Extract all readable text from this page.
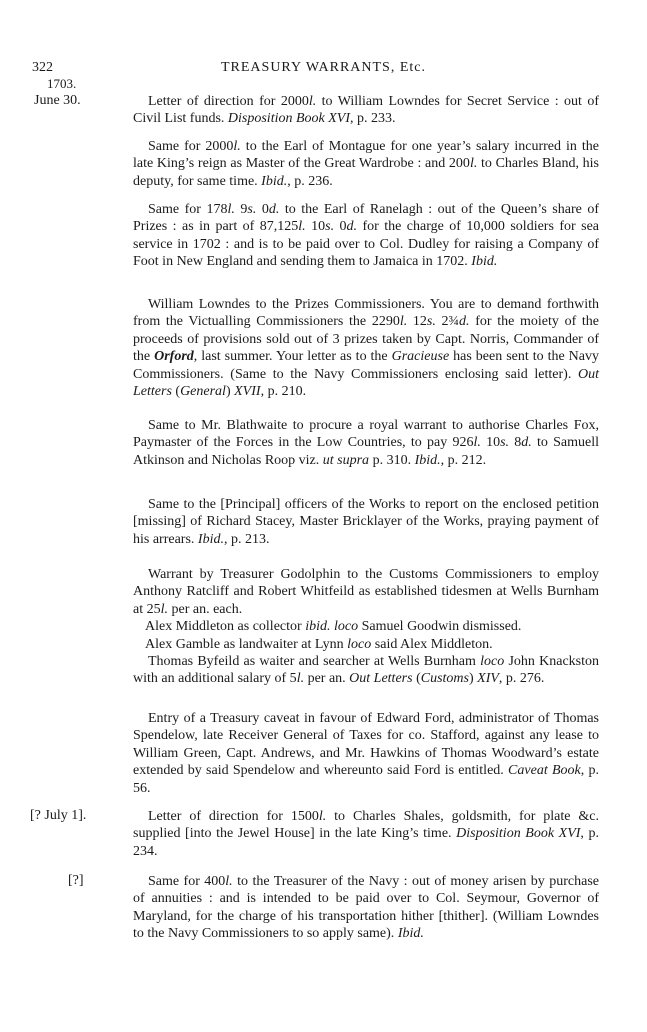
322	TREASURY WARRANTS, Etc.
1703.
June 30.	Letter of direction for 2000l. to William Lowndes for Secret Service : out of Civil List funds. Disposition Book XVI, p. 233.

Same for 2000l. to the Earl of Montague for one year’s salary incurred in the late King’s reign as Master of the Great Wardrobe : and 200l. to Charles Bland, his deputy, for same time. Ibid., p. 236.

Same for 178l. 9s. 0d. to the Earl of Ranelagh : out of the Queen’s share of Prizes : as in part of 87,125l. 10s. 0d. for the charge of 10,000 soldiers for sea service in 1702 : and is to be paid over to Col. Dudley for raising a Company of Foot in New England and sending them to Jamaica in 1702. Ibid.

William Lowndes to the Prizes Commissioners. You are to demand forthwith from the Victualling Commissioners the 2290l. 12s. 2¾d. for the moiety of the proceeds of provisions sold out of 3 prizes taken by Capt. Norris, Commander of the Orford, last summer. Your letter as to the Gracieuse has been sent to the Navy Commissioners. (Same to the Navy Commissioners enclosing said letter). Out Letters (General) XVII, p. 210.

Same to Mr. Blathwaite to procure a royal warrant to authorise Charles Fox, Paymaster of the Forces in the Low Countries, to pay 926l. 10s. 8d. to Samuell Atkinson and Nicholas Roop viz. ut supra p. 310. Ibid., p. 212.

Same to the [Principal] officers of the Works to report on the enclosed petition [missing] of Richard Stacey, Master Bricklayer of the Works, praying payment of his arrears. Ibid., p. 213.

Warrant by Treasurer Godolphin to the Customs Commissioners to employ Anthony Ratcliff and Robert Whitfeild as established tidesmen at Wells Burnham at 25l. per an. each.

Alex Middleton as collector ibid. loco Samuel Goodwin dismissed.

Alex Gamble as landwaiter at Lynn loco said Alex Middleton.

Thomas Byfeild as waiter and searcher at Wells Burnham loco John Knackston with an additional salary of 5l. per an. Out Letters (Customs) XIV, p. 276.

Entry of a Treasury caveat in favour of Edward Ford, administrator of Thomas Spendelow, late Receiver General of Taxes for co. Stafford, against any lease to William Green, Capt. Andrews, and Mr. Hawkins of Thomas Woodward’s estate extended by said Spendelow and whereunto said Ford is entitled. Caveat Book, p. 56.

[? July 1].	Letter of direction for 1500l. to Charles Shales, goldsmith, for plate &c. supplied [into the Jewel House] in the late King’s time. Disposition Book XVI, p. 234.

[?]	Same for 400l. to the Treasurer of the Navy : out of money arisen by purchase of annuities : and is intended to be paid over to Col. Seymour, Governor of Maryland, for the charge of his transportation hither [thither]. (William Lowndes to the Navy Commissioners to so apply same). Ibid.
